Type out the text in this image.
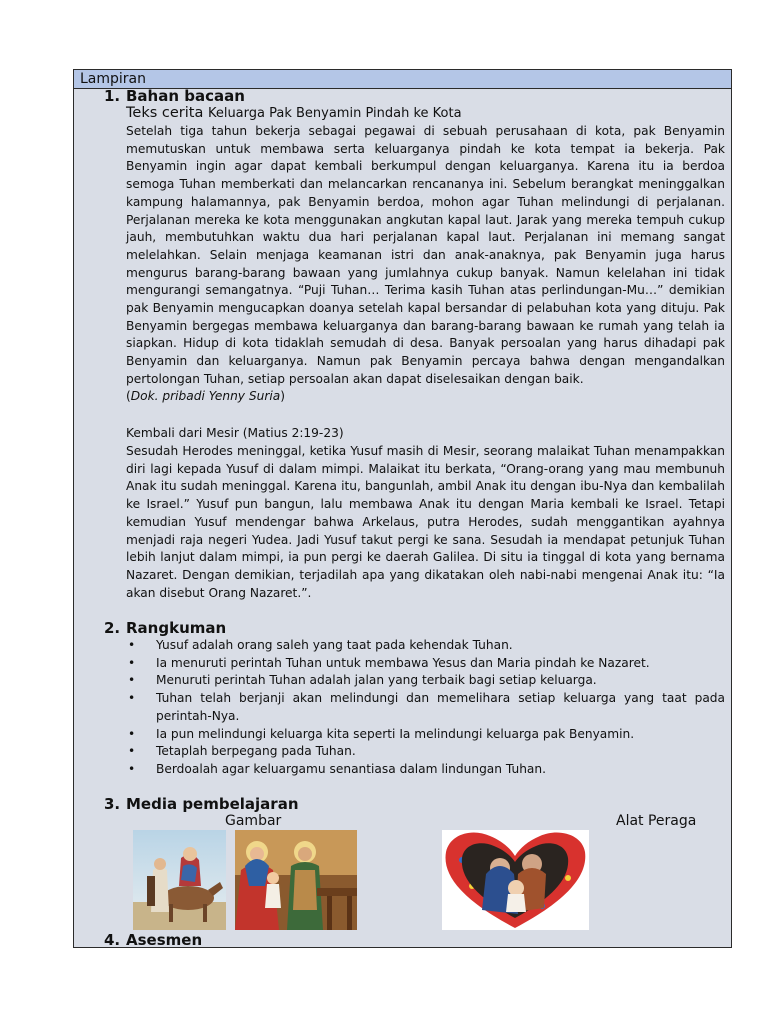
Lampiran
1. Bahan bacaan
Teks cerita Keluarga Pak Benyamin Pindah ke Kota

Setelah tiga tahun bekerja sebagai pegawai di sebuah perusahaan di kota, pak Benyamin memutuskan untuk membawa serta keluarganya pindah ke kota tempat ia bekerja. Pak Benyamin ingin agar dapat kembali berkumpul dengan keluarganya. Karena itu ia berdoa semoga Tuhan memberkati dan melancarkan rencananya ini. Sebelum berangkat meninggalkan kampung halamannya, pak Benyamin berdoa, mohon agar Tuhan melindungi di perjalanan. Perjalanan mereka ke kota menggunakan angkutan kapal laut. Jarak yang mereka tempuh cukup jauh, membutuhkan waktu dua hari perjalanan kapal laut. Perjalanan ini memang sangat melelahkan. Selain menjaga keamanan istri dan anak-anaknya, pak Benyamin juga harus mengurus barang-barang bawaan yang jumlahnya cukup banyak. Namun kelelahan ini tidak mengurangi semangatnya. “Puji Tuhan… Terima kasih Tuhan atas perlindungan-Mu…” demikian pak Benyamin mengucapkan doanya setelah kapal bersandar di pelabuhan kota yang dituju. Pak Benyamin bergegas membawa keluarganya dan barang-barang bawaan ke rumah yang telah ia siapkan. Hidup di kota tidaklah semudah di desa. Banyak persoalan yang harus dihadapi pak Benyamin dan keluarganya. Namun pak Benyamin percaya bahwa dengan mengandalkan pertolongan Tuhan, setiap persoalan akan dapat diselesaikan dengan baik.

(Dok. pribadi Yenny Suria)
Kembali dari Mesir (Matius 2:19-23)

Sesudah Herodes meninggal, ketika Yusuf masih di Mesir, seorang malaikat Tuhan menampakkan diri lagi kepada Yusuf di dalam mimpi. Malaikat itu berkata, “Orang-orang yang mau membunuh Anak itu sudah meninggal. Karena itu, bangunlah, ambil Anak itu dengan ibu-Nya dan kembalilah ke Israel.” Yusuf pun bangun, lalu membawa Anak itu dengan Maria kembali ke Israel. Tetapi kemudian Yusuf mendengar bahwa Arkelaus, putra Herodes, sudah menggantikan ayahnya menjadi raja negeri Yudea. Jadi Yusuf takut pergi ke sana. Sesudah ia mendapat petunjuk Tuhan lebih lanjut dalam mimpi, ia pun pergi ke daerah Galilea. Di situ ia tinggal di kota yang bernama Nazaret. Dengan demikian, terjadilah apa yang dikatakan oleh nabi-nabi mengenai Anak itu: “Ia akan disebut Orang Nazaret.”.

2. Rangkuman
• Yusuf adalah orang saleh yang taat pada kehendak Tuhan.
• Ia menuruti perintah Tuhan untuk membawa Yesus dan Maria pindah ke Nazaret.
• Menuruti perintah Tuhan adalah jalan yang terbaik bagi setiap keluarga.
• Tuhan telah berjanji akan melindungi dan memelihara setiap keluarga yang taat pada perintah-Nya.
• Ia pun melindungi keluarga kita seperti Ia melindungi keluarga pak Benyamin.
• Tetaplah berpegang pada Tuhan.
• Berdoalah agar keluargamu senantiasa dalam lindungan Tuhan.
3. Media pembelajaran
Gambar	Alat Peraga
4. Asesmen
